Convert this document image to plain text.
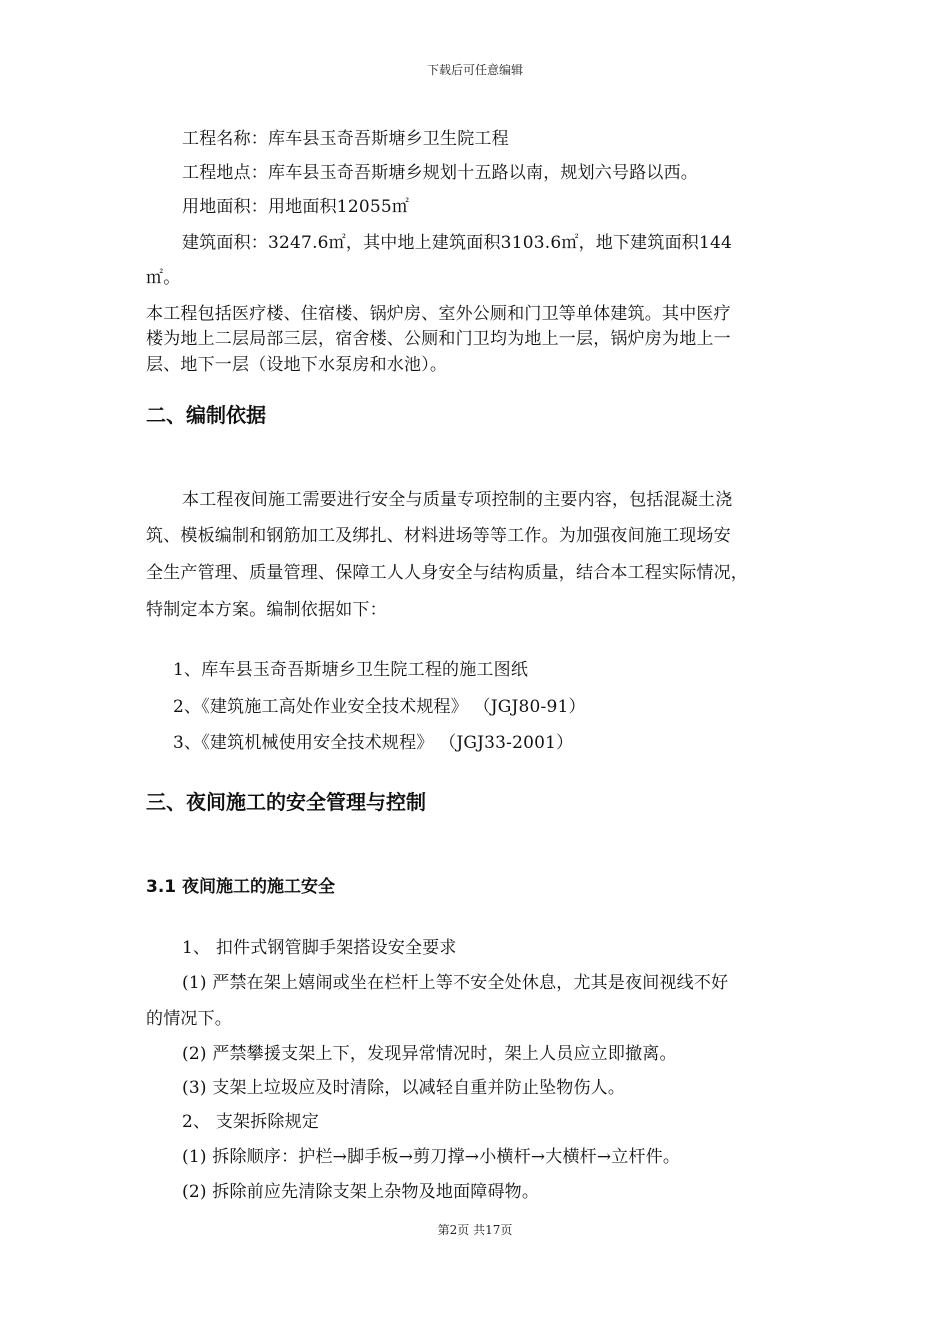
下载后可任意编辑
工程名称：库车县玉奇吾斯塘乡卫生院工程
工程地点：库车县玉奇吾斯塘乡规划十五路以南，规划六号路以西。
用地面积：用地面积12055㎡
建筑面积：3247.6㎡，其中地上建筑面积3103.6㎡，地下建筑面积144
㎡。
本工程包括医疗楼、住宿楼、锅炉房、室外公厕和门卫等单体建筑。其中医疗
楼为地上二层局部三层，宿舍楼、公厕和门卫均为地上一层，锅炉房为地上一
层、地下一层（设地下水泵房和水池）。
二、编制依据
本工程夜间施工需要进行安全与质量专项控制的主要内容，包括混凝土浇
筑、模板编制和钢筋加工及绑扎、材料进场等等工作。为加强夜间施工现场安
全生产管理、质量管理、保障工人人身安全与结构质量，结合本工程实际情况，
特制定本方案。编制依据如下：
1、库车县玉奇吾斯塘乡卫生院工程的施工图纸
2、《建筑施工高处作业安全技术规程》 （JGJ80-91）
3、《建筑机械使用安全技术规程》 （JGJ33-2001）
三、夜间施工的安全管理与控制
3.1 夜间施工的施工安全
1、 扣件式钢管脚手架搭设安全要求
(1) 严禁在架上嬉闹或坐在栏杆上等不安全处休息，尤其是夜间视线不好
的情况下。
(2) 严禁攀援支架上下，发现异常情况时，架上人员应立即撤离。
(3) 支架上垃圾应及时清除，以减轻自重并防止坠物伤人。
2、 支架拆除规定
(1) 拆除顺序：护栏→脚手板→剪刀撑→小横杆→大横杆→立杆件。
(2) 拆除前应先清除支架上杂物及地面障碍物。
第2页 共17页
